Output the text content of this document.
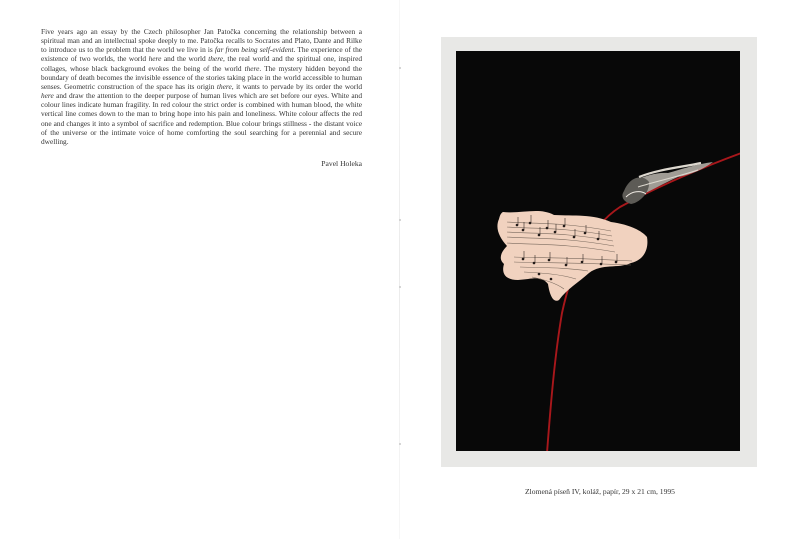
Five years ago an essay by the Czech philosopher Jan Patočka concerning the relationship between a spiritual man and an intellectual spoke deeply to me. Patočka recalls to Socrates and Plato, Dante and Rilke to introduce us to the problem that the world we live in is far from being self-evident. The experience of the existence of two worlds, the world here and the world there, the real world and the spiritual one, inspired collages, whose black background evokes the being of the world there. The mystery hidden beyond the boundary of death becomes the invisible essence of the stories taking place in the world accessible to human senses. Geometric construction of the space has its origin there, it wants to pervade by its order the world here and draw the attention to the deeper purpose of human lives which are set before our eyes. White and colour lines indicate human fragility. In red colour the strict order is combined with human blood, the white vertical line comes down to the man to bring hope into his pain and loneliness. White colour affects the red one and changes it into a symbol of sacrifice and redemption. Blue colour brings stillness - the distant voice of the universe or the intimate voice of home comforting the soul searching for a perennial and secure dwelling.

Pavel Holeka
Zlomená píseň IV, koláž, papír, 29 x 21 cm, 1995
